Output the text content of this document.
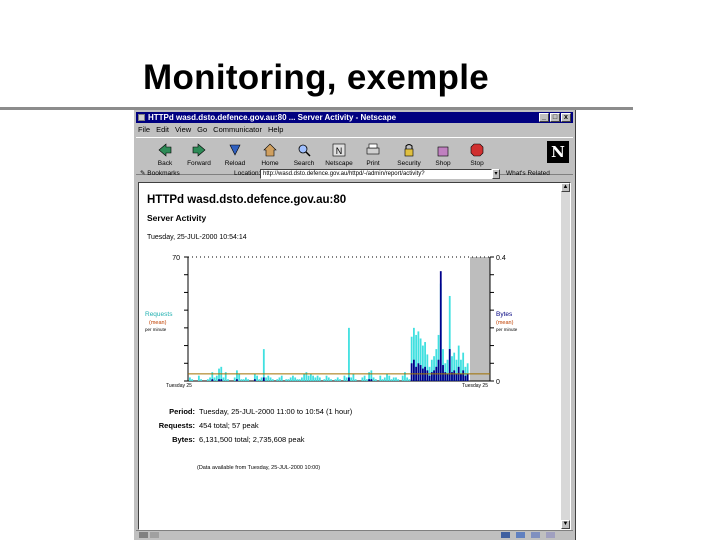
Monitoring, exemple
HTTPd wasd.dsto.defence.gov.au:80 ... Server Activity - Netscape	_ □ x
File Edit View Go Communicator Help
Back	Forward	Reload	Home	Search
N
Netscape	Print	Security	Shop	Stop
N
✎ Bookmarks	Location: http://wasd.dsto.defence.gov.au/httpd/-/admin/report/activity?	▾	What's Related
HTTPd wasd.dsto.defence.gov.au:80
Server Activity
Tuesday, 25-JUL-2000 10:54:14
70	0.4
0
Requests
(mean)
per minute
Bytes
(mean)
per minute
Tuesday 25	Tuesday 25
Period: Tuesday, 25-JUL-2000 11:00 to 10:54 (1 hour)
Requests: 454 total; 57 peak
Bytes: 6,131,500 total; 2,735,608 peak
(Data available from Tuesday, 25-JUL-2000 10:00)
▲
▼
